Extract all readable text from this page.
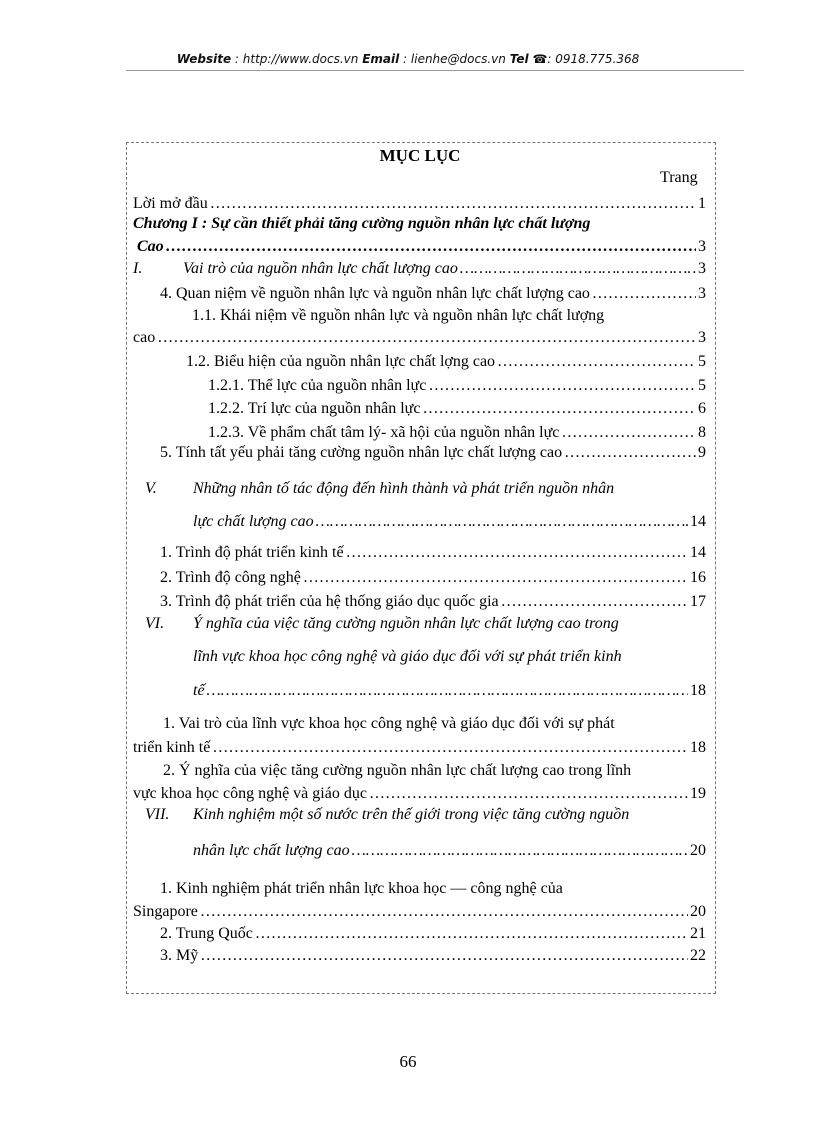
Website : http://www.docs.vn Email : lienhe@docs.vn Tel ☎: 0918.775.368
MỤC LỤC
Trang
Lời mở đầu …………………………………………………………………………………………………………………………………………………………………………	1
Chương I : Sự cần thiết phải tăng cường nguồn nhân lực chất lượng
Cao …………………………………………………………………………………………………………………………………………………………………………	3
I.	Vai trò của nguồn nhân lực chất lượng cao …………………………………………………………………………………………………………………………………………………………………………	3
4. Quan niệm về nguồn nhân lực và nguồn nhân lực chất lượng cao …………………………………………………………………………………………………………………………………………………………………………	3
1.1. Khái niệm về nguồn nhân lực và nguồn nhân lực chất lượng
cao …………………………………………………………………………………………………………………………………………………………………………	3
1.2. Biểu hiện của nguồn nhân lực chất lợng cao …………………………………………………………………………………………………………………………………………………………………………	5
1.2.1. Thể lực của nguồn nhân lực …………………………………………………………………………………………………………………………………………………………………………	5
1.2.2. Trí lực của nguồn nhân lực …………………………………………………………………………………………………………………………………………………………………………	6
1.2.3. Về phẩm chất tâm lý- xã hội của nguồn nhân lực …………………………………………………………………………………………………………………………………………………………………………	8
5. Tính tất yếu phải tăng cường nguồn nhân lực chất lượng cao …………………………………………………………………………………………………………………………………………………………………………	9
V. Những nhân tố tác động đến hình thành và phát triển nguồn nhân
lực chất lượng cao …………………………………………………………………………………………………………………………………………………………………………	14
1. Trình độ phát triển kinh tế …………………………………………………………………………………………………………………………………………………………………………	14
2. Trình độ công nghệ …………………………………………………………………………………………………………………………………………………………………………	16
3. Trình độ phát triển của hệ thống giáo dục quốc gia …………………………………………………………………………………………………………………………………………………………………………	17
VI. Ý nghĩa của việc tăng cường nguồn nhân lực chất lượng cao trong
lĩnh vực khoa học công nghệ và giáo dục đối với sự phát triển kinh
tế …………………………………………………………………………………………………………………………………………………………………………	18
1. Vai trò của lĩnh vực khoa học công nghệ và giáo dục đối với sự phát
triển kinh tế …………………………………………………………………………………………………………………………………………………………………………	18
2. Ý nghĩa của việc tăng cường nguồn nhân lực chất lượng cao trong lĩnh
vực khoa học công nghệ và giáo dục …………………………………………………………………………………………………………………………………………………………………………	19
VII. Kinh nghiệm một số nước trên thế giới trong việc tăng cường nguồn
nhân lực chất lượng cao …………………………………………………………………………………………………………………………………………………………………………	20
1. Kinh nghiệm phát triển nhân lực khoa học — công nghệ của
Singapore …………………………………………………………………………………………………………………………………………………………………………	20
2. Trung Quốc …………………………………………………………………………………………………………………………………………………………………………	21
3. Mỹ …………………………………………………………………………………………………………………………………………………………………………	22
66
